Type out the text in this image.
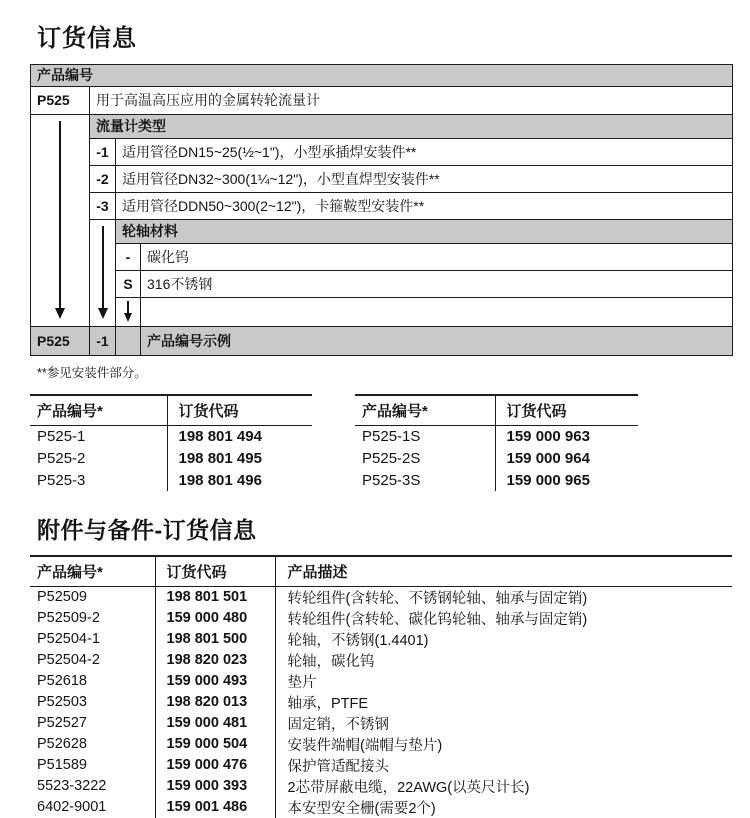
订货信息
产品编号			
P525	用于高温高压应用的金属转轮流量计		

	流量计类型		
	-1	适用管径DN15~25(½~1")，小型承插焊安装件**	
	-2	适用管径DN32~300(1¼~12")，小型直焊型安装件**	
	-3	适用管径DDN50~300(2~12")，卡箍鞍型安装件**	

		轮轴材料	
		-	碳化钨
		S	316不锈钢

P525	-1		产品编号示例
**参见安装件部分。
产品编号*	订货代码
P525-1	198 801 494
P525-2	198 801 495
P525-3	198 801 496
产品编号*	订货代码
P525-1S	159 000 963
P525-2S	159 000 964
P525-3S	159 000 965
附件与备件-订货信息
产品编号*	订货代码	产品描述
P52509	198 801 501	转轮组件(含转轮、不锈钢轮轴、轴承与固定销)
P52509-2	159 000 480	转轮组件(含转轮、碳化钨轮轴、轴承与固定销)
P52504-1	198 801 500	轮轴，不锈钢(1.4401)
P52504-2	198 820 023	轮轴，碳化钨
P52618	159 000 493	垫片
P52503	198 820 013	轴承，PTFE
P52527	159 000 481	固定销，不锈钢
P52628	159 000 504	安装件端帽(端帽与垫片)
P51589	159 000 476	保护管适配接头
5523-3222	159 000 393	2芯带屏蔽电缆，22AWG(以英尺计长)
6402-9001	159 001 486	本安型安全栅(需要2个)
